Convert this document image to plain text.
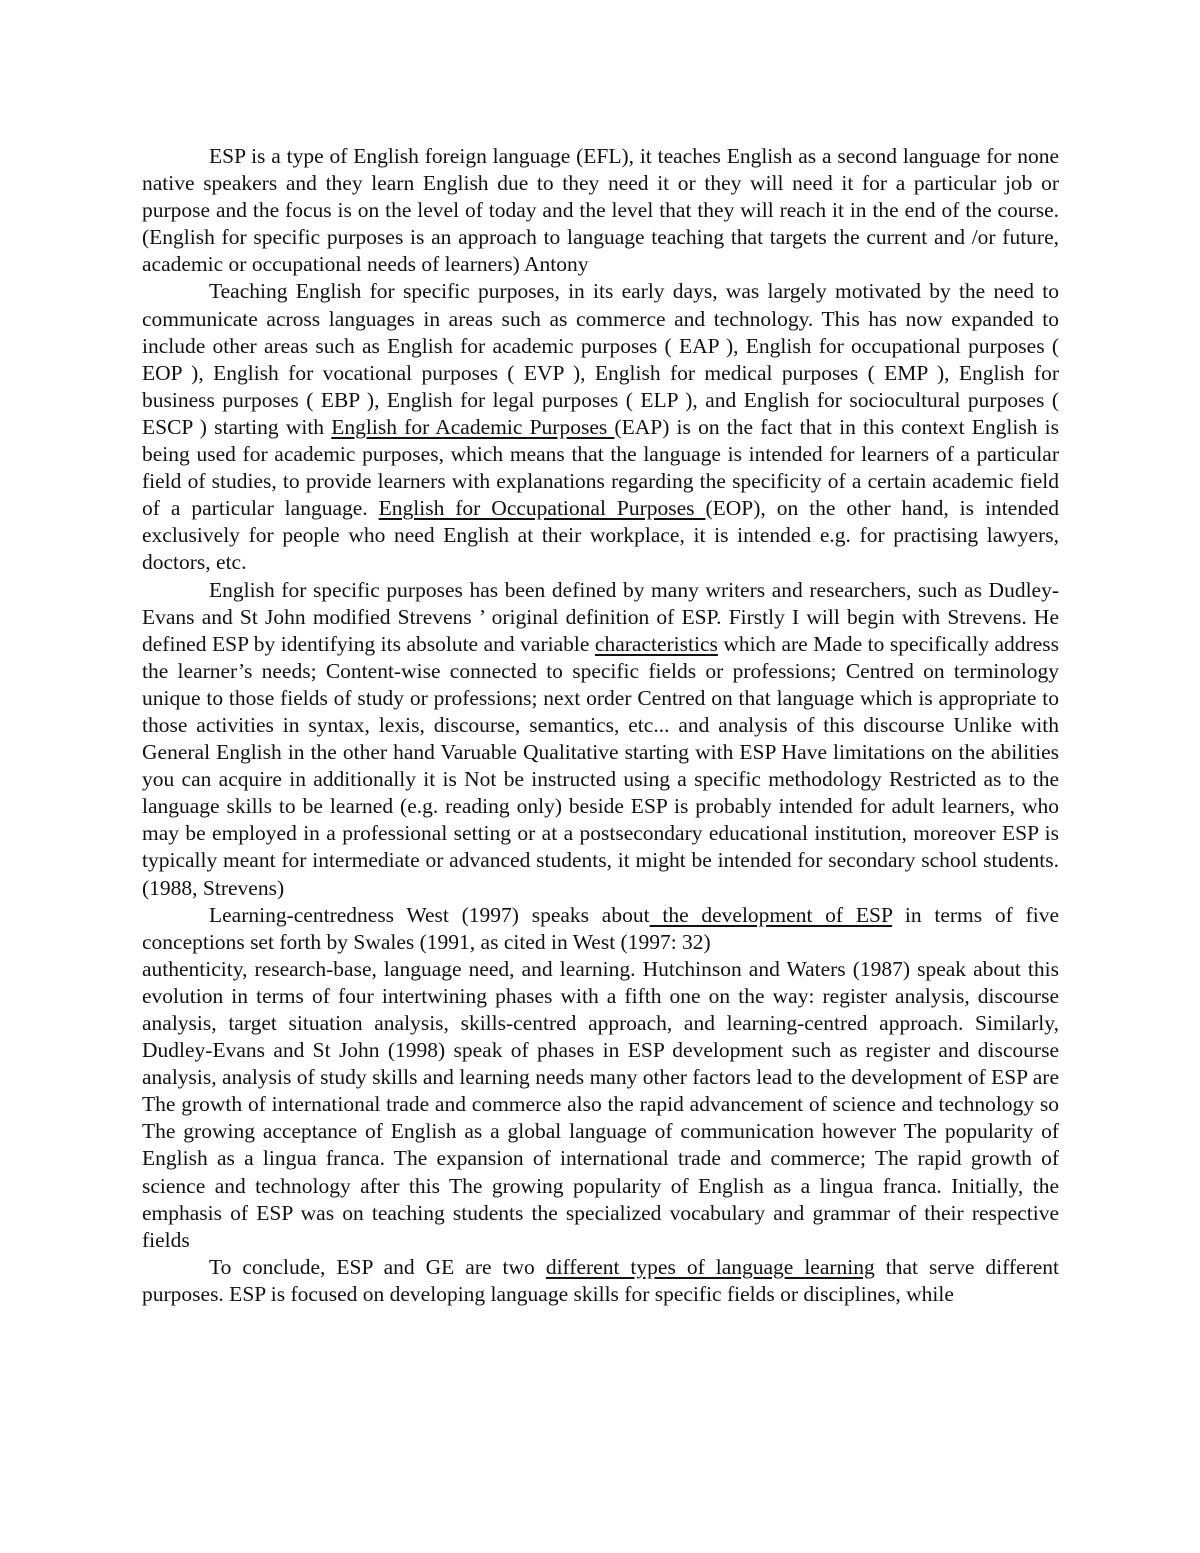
ESP is a type of English foreign language (EFL), it teaches English as a second language for none native speakers and they learn English due to they need it or they will need it for a particular job or purpose and the focus is on the level of today and the level that they will reach it in the end of the course. (English for specific purposes is an approach to language teaching that targets the current and /or future, academic or occupational needs of learners) Antony

Teaching English for specific purposes, in its early days, was largely motivated by the need to communicate across languages in areas such as commerce and technology. This has now expanded to include other areas such as English for academic purposes ( EAP ), English for occupational purposes ( EOP ), English for vocational purposes ( EVP ), English for medical purposes ( EMP ), English for business purposes ( EBP ), English for legal purposes ( ELP ), and English for sociocultural purposes ( ESCP ) starting with English for Academic Purposes (EAP) is on the fact that in this context English is being used for academic purposes, which means that the language is intended for learners of a particular field of studies, to provide learners with explanations regarding the specificity of a certain academic field of a particular language. English for Occupational Purposes (EOP), on the other hand, is intended exclusively for people who need English at their workplace, it is intended e.g. for practising lawyers, doctors, etc.

English for specific purposes has been defined by many writers and researchers, such as Dudley-Evans and St John modified Strevens ’ original definition of ESP. Firstly I will begin with Strevens. He defined ESP by identifying its absolute and variable characteristics which are Made to specifically address the learner’s needs; Content-wise connected to specific fields or professions; Centred on terminology unique to those fields of study or professions; next order Centred on that language which is appropriate to those activities in syntax, lexis, discourse, semantics, etc... and analysis of this discourse Unlike with General English in the other hand Varuable Qualitative starting with ESP Have limitations on the abilities you can acquire in additionally it is Not be instructed using a specific methodology Restricted as to the language skills to be learned (e.g. reading only) beside ESP is probably intended for adult learners, who may be employed in a professional setting or at a postsecondary educational institution, moreover ESP is typically meant for intermediate or advanced students, it might be intended for secondary school students. (1988, Strevens)

Learning-centredness West (1997) speaks about the development of ESP in terms of five conceptions set forth by Swales (1991, as cited in West (1997: 32)

authenticity, research-base, language need, and learning. Hutchinson and Waters (1987) speak about this evolution in terms of four intertwining phases with a fifth one on the way: register analysis, discourse analysis, target situation analysis, skills-centred approach, and learning-centred approach. Similarly, Dudley-Evans and St John (1998) speak of phases in ESP development such as register and discourse analysis, analysis of study skills and learning needs many other factors lead to the development of ESP are The growth of international trade and commerce also the rapid advancement of science and technology so The growing acceptance of English as a global language of communication however The popularity of English as a lingua franca. The expansion of international trade and commerce; The rapid growth of science and technology after this The growing popularity of English as a lingua franca. Initially, the emphasis of ESP was on teaching students the specialized vocabulary and grammar of their respective fields

To conclude, ESP and GE are two different types of language learning that serve different purposes. ESP is focused on developing language skills for specific fields or disciplines, while
